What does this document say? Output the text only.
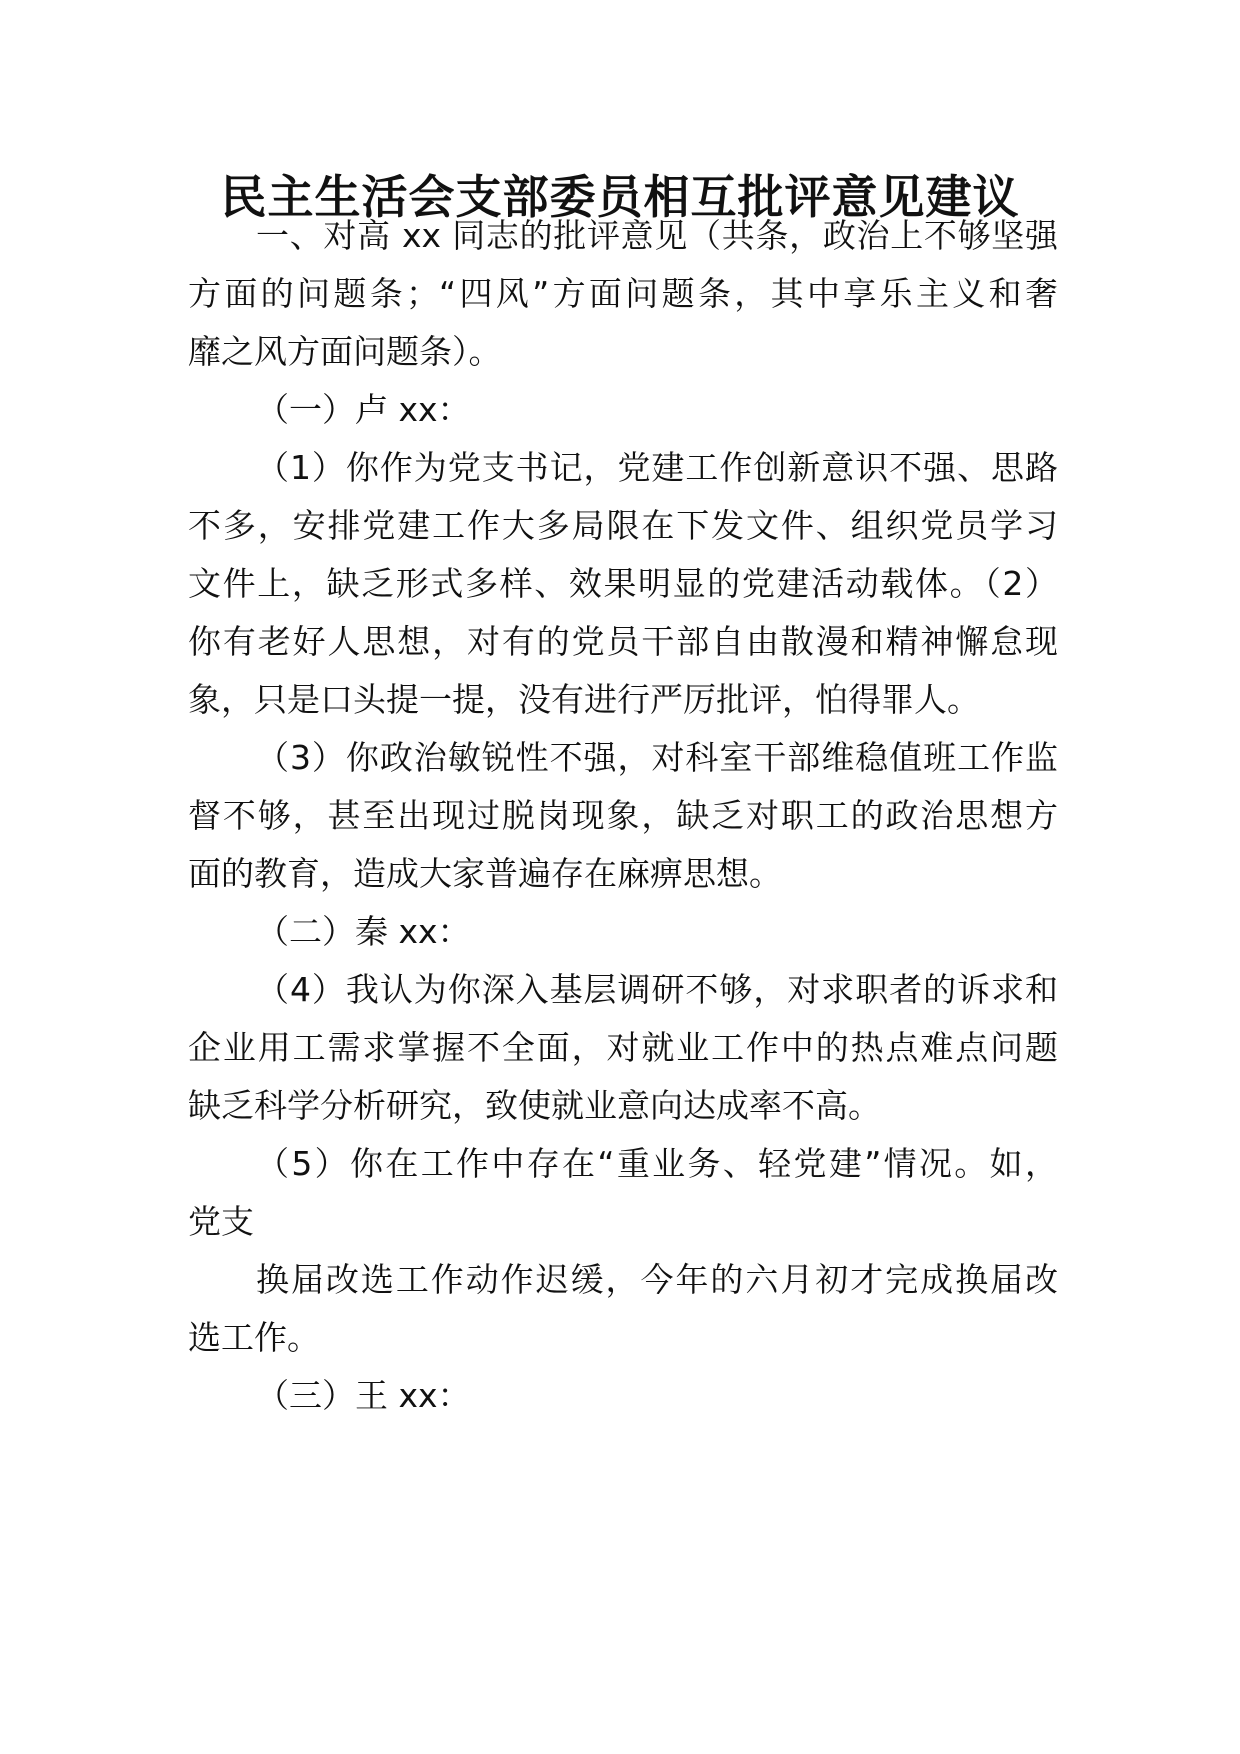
民主生活会支部委员相互批评意见建议

一、对高 xx 同志的批评意见（共条，政治上不够坚强

方面的问题条；“四风”方面问题条，其中享乐主义和奢

靡之风方面问题条）。

（一）卢 xx：

（1）你作为党支书记，党建工作创新意识不强、思路

不多，安排党建工作大多局限在下发文件、组织党员学习

文件上，缺乏形式多样、效果明显的党建活动载体。（2）

你有老好人思想，对有的党员干部自由散漫和精神懈怠现

象，只是口头提一提，没有进行严厉批评，怕得罪人。

（3）你政治敏锐性不强，对科室干部维稳值班工作监

督不够，甚至出现过脱岗现象，缺乏对职工的政治思想方

面的教育，造成大家普遍存在麻痹思想。

（二）秦 xx：

（4）我认为你深入基层调研不够，对求职者的诉求和

企业用工需求掌握不全面，对就业工作中的热点难点问题

缺乏科学分析研究，致使就业意向达成率不高。

（5）你在工作中存在“重业务、轻党建”情况。如，

党支

换届改选工作动作迟缓，今年的六月初才完成换届改

选工作。

（三）王 xx：
